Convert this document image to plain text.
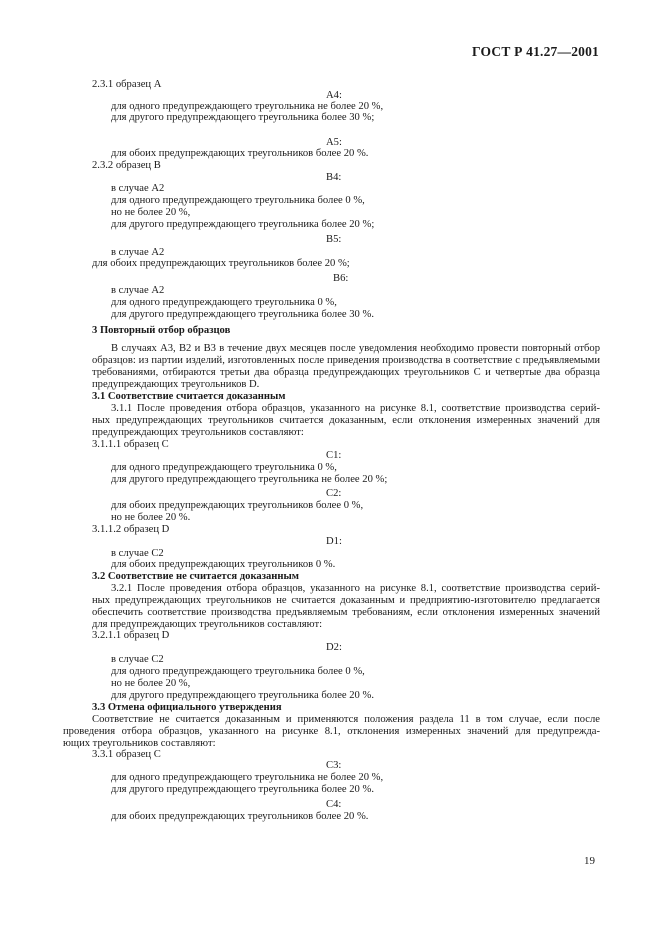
ГОСТ Р 41.27—2001
2.3.1 образец А
А4:
для одного предупреждающего треугольника не более 20 %,
для другого предупреждающего треугольника более 30 %;
А5:
для обоих предупреждающих треугольников более 20 %.
2.3.2 образец В
В4:
в случае А2
для одного предупреждающего треугольника более 0 %,
но не более 20 %,
для другого предупреждающего треугольника более 20 %;
В5:
в случае А2
для обоих предупреждающих треугольников более 20 %;
В6:
в случае А2
для одного предупреждающего треугольника 0 %,
для другого предупреждающего треугольника более 30 %.
3 Повторный отбор образцов
В случаях А3, В2 и В3 в течение двух месяцев после уведомления необходимо провести повторный отбор
образцов: из партии изделий, изготовленных после приведения производства в соответствие с предъявляемыми
требованиями, отбираются третьи два образца предупреждающих треугольников С и четвертые два образца
предупреждающих треугольников D.
3.1 Соответствие считается доказанным
3.1.1 После проведения отбора образцов, указанного на рисунке 8.1, соответствие производства серий-
ных предупреждающих треугольников считается доказанным, если отклонения измеренных значений для
предупреждающих треугольников составляют:
3.1.1.1 образец С
С1:
для одного предупреждающего треугольника 0 %,
для другого предупреждающего треугольника не более 20 %;
С2:
для обоих предупреждающих треугольников более 0 %,
но не более 20 %.
3.1.1.2 образец D
D1:
в случае С2
для обоих предупреждающих треугольников 0 %.
3.2 Соответствие не считается доказанным
3.2.1 После проведения отбора образцов, указанного на рисунке 8.1, соответствие производства серий-
ных предупреждающих треугольников не считается доказанным и предприятию-изготовителю предлагается
обеспечить соответствие производства предъявляемым требованиям, если отклонения измеренных значений
для предупреждающих треугольников составляют:
3.2.1.1 образец D
D2:
в случае С2
для одного предупреждающего треугольника более 0 %,
но не более 20 %,
для другого предупреждающего треугольника более 20 %.
3.3 Отмена официального утверждения
Соответствие не считается доказанным и применяются положения раздела 11 в том случае, если после
проведения отбора образцов, указанного на рисунке 8.1, отклонения измеренных значений для предупрежда-
ющих треугольников составляют:
3.3.1 образец С
С3:
для одного предупреждающего треугольника не более 20 %,
для другого предупреждающего треугольника более 20 %.
С4:
для обоих предупреждающих треугольников более 20 %.
19
